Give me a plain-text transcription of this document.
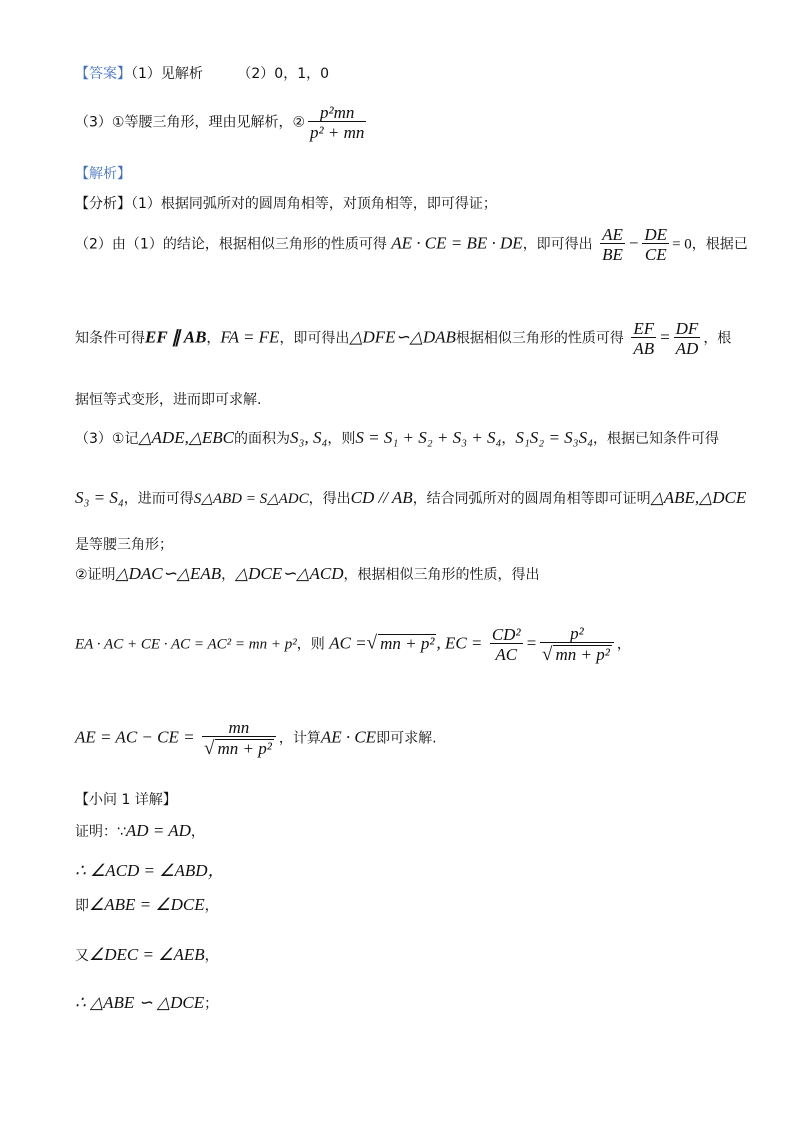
【答案】（1）见解析 （2）0，1，0
（3）①等腰三角形，理由见解析，② $\frac{\text{p²mn}}{\text{p² + mn}}$
【解析】
【分析】（1）根据同弧所对的圆周角相等，对顶角相等，即可得证；
（2）由（1）的结论，根据相似三角形的性质可得 AE · CE = BE · DE，即可得出 $\frac{AE}{BE} - \frac{DE}{CE} = 0$，根据已
知条件可得EF ∥ AB，FA = FE，即可得出△DFE∽△DAB根据相似三角形的性质可得 $\frac{EF}{AB} = \frac{DF}{AD}$ ，根
据恒等式变形，进而即可求解.
（3）①记△ADE,△EBC的面积为S₃, S₄，则S = S₁ + S₂ + S₃ + S₄，S₁S₂ = S₃S₄，根据已知条件可得
S₃ = S₄，进而可得S△ABD = S△ADC，得出CD // AB，结合同弧所对的圆周角相等即可证明△ABE,△DCE
是等腰三角形；
②证明△DAC∽△EAB，△DCE∽△ACD，根据相似三角形的性质，得出
EA · AC + CE · AC = AC² = mn + p²，则 AC =√ mn + p² , EC = $\frac{\text{CD²}}{AC} = \frac{\text{p²}}{\text{√ mn + p²}}$ ，
AE = AC − CE = $\frac{mn}{\text{√ mn + p²}}$ ，计算AE · CE即可求解.
【小问 1 详解】
证明：∵AD = AD，
∴ ∠ACD = ∠ABD，
即∠ABE = ∠DCE，
又∠DEC = ∠AEB，
∴ △ABE ∽ △DCE；
